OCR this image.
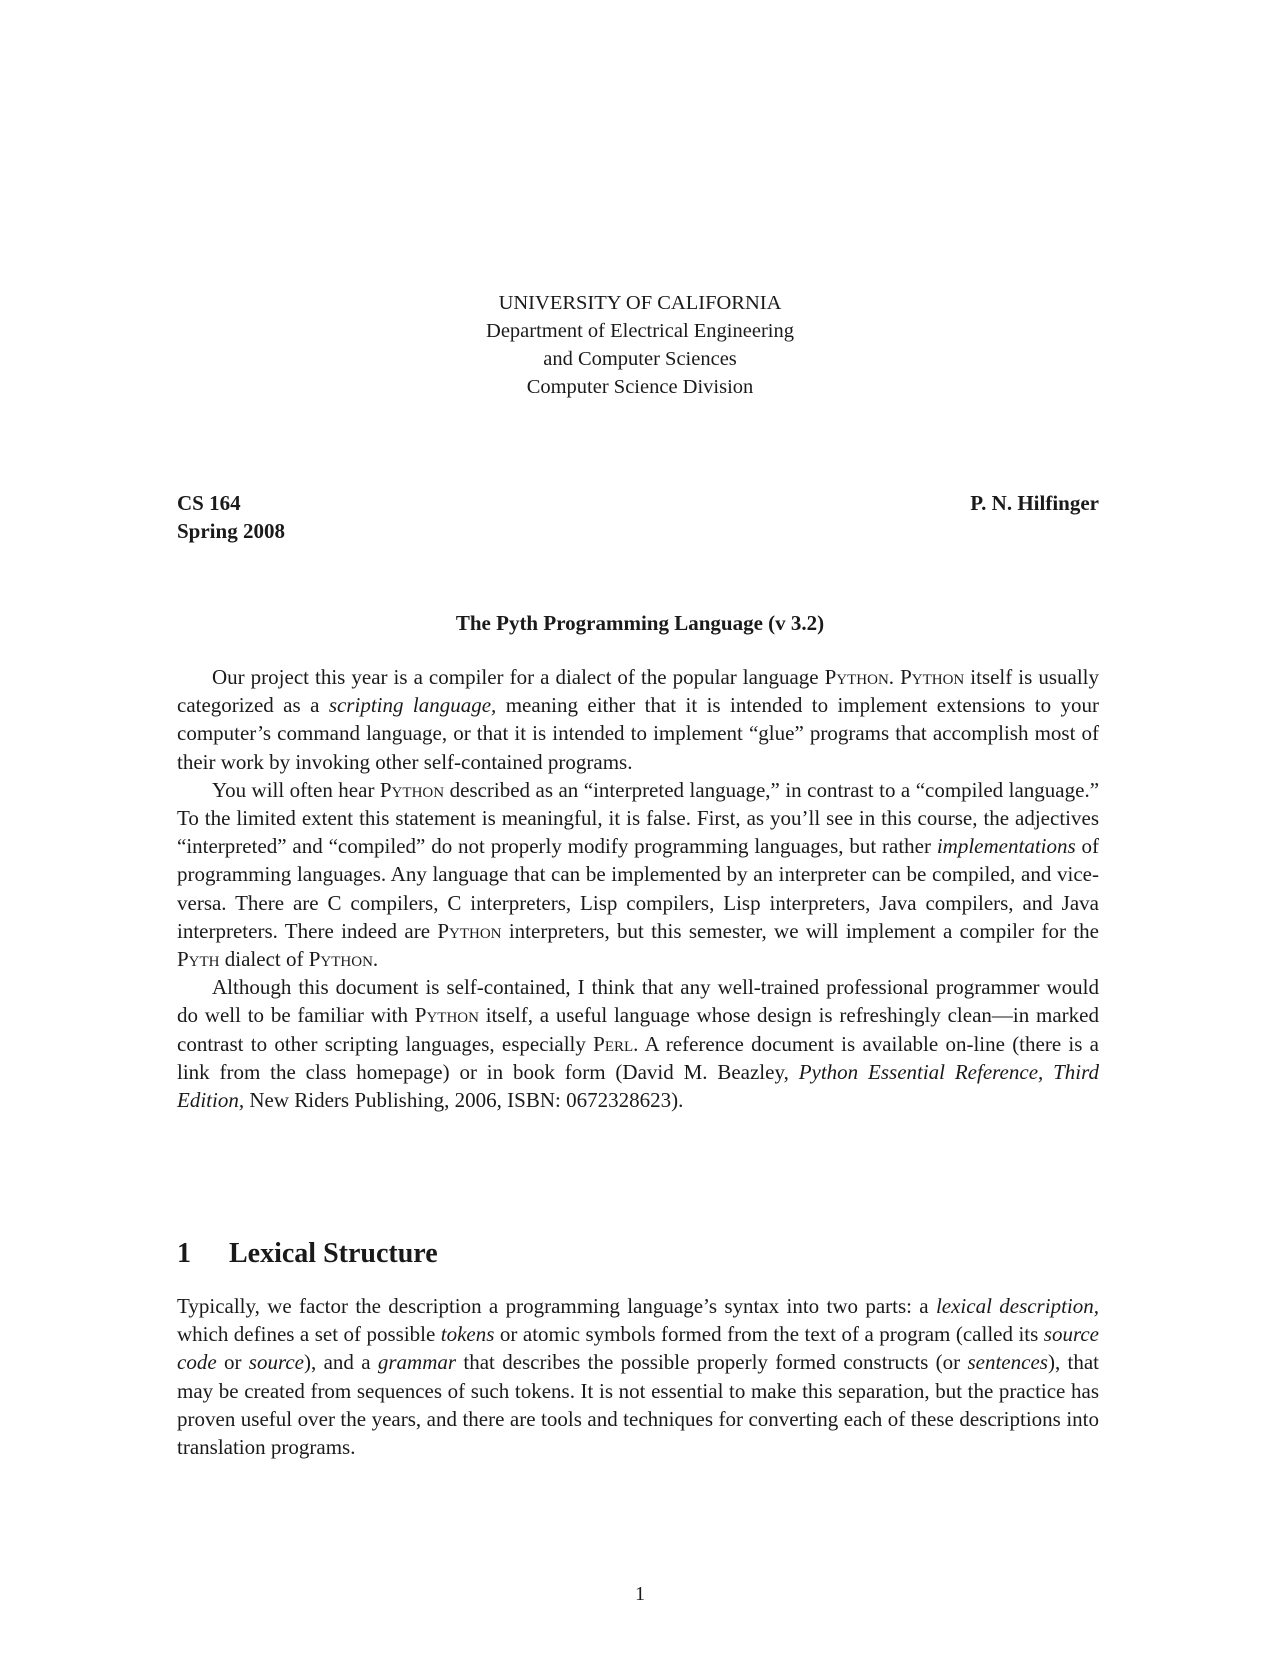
UNIVERSITY OF CALIFORNIA
Department of Electrical Engineering
and Computer Sciences
Computer Science Division
CS 164
Spring 2008
P. N. Hilfinger
The Pyth Programming Language (v 3.2)

Our project this year is a compiler for a dialect of the popular language Python. Python itself is usually categorized as a scripting language, meaning either that it is intended to implement extensions to your computer’s command language, or that it is intended to implement “glue” programs that accomplish most of their work by invoking other self-contained programs.

You will often hear Python described as an “interpreted language,” in contrast to a “compiled language.” To the limited extent this statement is meaningful, it is false. First, as you’ll see in this course, the adjectives “interpreted” and “compiled” do not properly modify programming languages, but rather implementations of programming languages. Any language that can be implemented by an interpreter can be compiled, and vice-versa. There are C compilers, C interpreters, Lisp compilers, Lisp interpreters, Java compilers, and Java interpreters. There indeed are Python interpreters, but this semester, we will implement a compiler for the Pyth dialect of Python.

Although this document is self-contained, I think that any well-trained professional programmer would do well to be familiar with Python itself, a useful language whose design is refreshingly clean—in marked contrast to other scripting languages, especially Perl. A reference document is available on-line (there is a link from the class homepage) or in book form (David M. Beazley, Python Essential Reference, Third Edition, New Riders Publishing, 2006, ISBN: 0672328623).

1 Lexical Structure

Typically, we factor the description a programming language’s syntax into two parts: a lexical description, which defines a set of possible tokens or atomic symbols formed from the text of a program (called its source code or source), and a grammar that describes the possible properly formed constructs (or sentences), that may be created from sequences of such tokens. It is not essential to make this separation, but the practice has proven useful over the years, and there are tools and techniques for converting each of these descriptions into translation programs.

1
